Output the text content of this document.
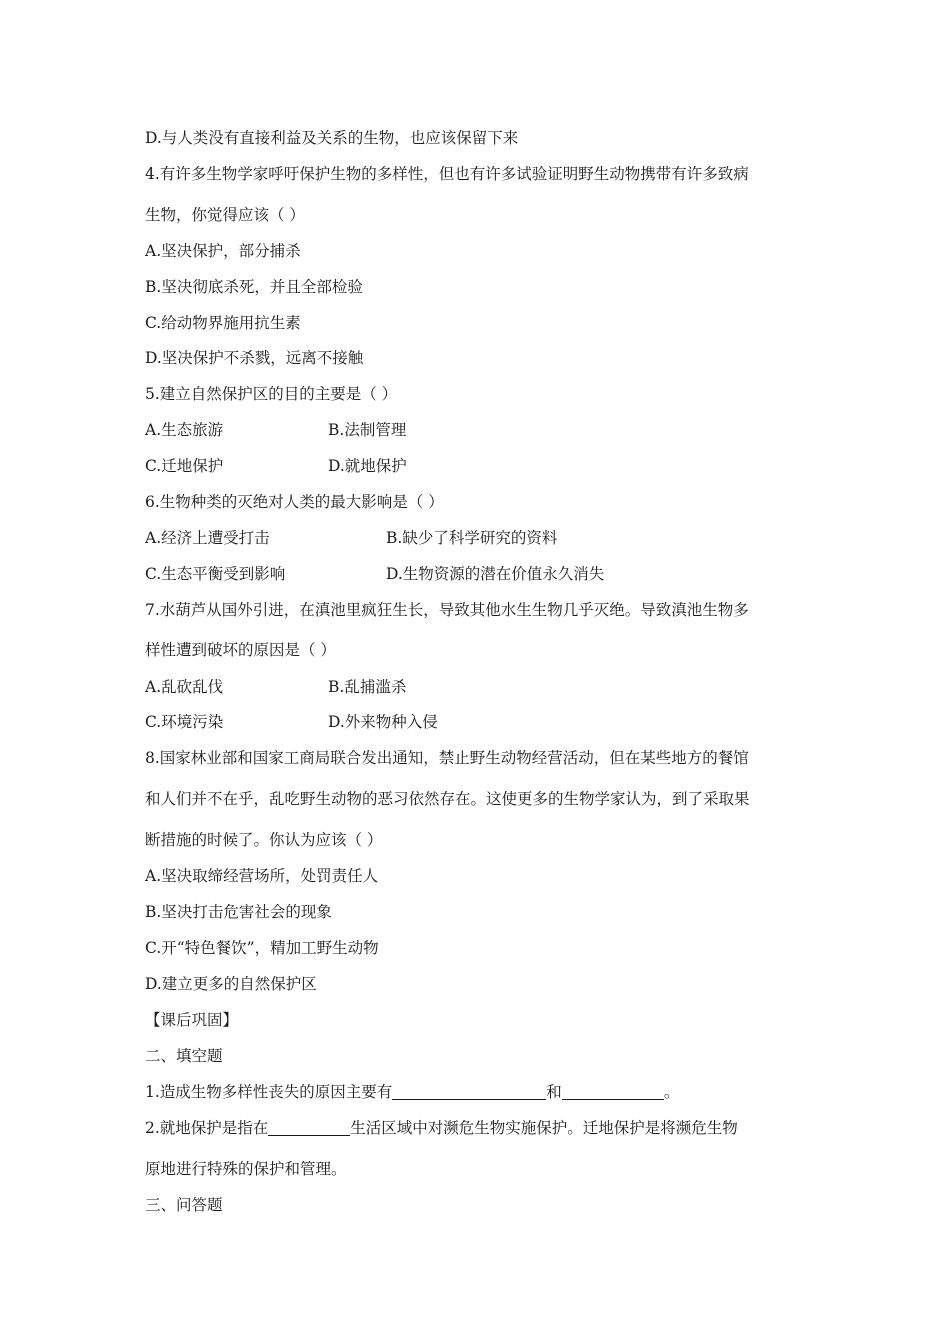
D.与人类没有直接利益及关系的生物，也应该保留下来
4.有许多生物学家呼吁保护生物的多样性，但也有许多试验证明野生动物携带有许多致病
生物，你觉得应该（ ）
A.坚决保护，部分捕杀
B.坚决彻底杀死，并且全部检验
C.给动物界施用抗生素
D.坚决保护不杀戮，远离不接触
5.建立自然保护区的目的主要是（ ）
A.生态旅游	B.法制管理
C.迁地保护	D.就地保护
6.生物种类的灭绝对人类的最大影响是（ ）
A.经济上遭受打击	B.缺少了科学研究的资料
C.生态平衡受到影响	D.生物资源的潜在价值永久消失
7.水葫芦从国外引进，在滇池里疯狂生长，导致其他水生生物几乎灭绝。导致滇池生物多
样性遭到破坏的原因是（ ）
A.乱砍乱伐	B.乱捕滥杀
C.环境污染	D.外来物种入侵
8.国家林业部和国家工商局联合发出通知，禁止野生动物经营活动，但在某些地方的餐馆
和人们并不在乎，乱吃野生动物的恶习依然存在。这使更多的生物学家认为，到了采取果
断措施的时候了。你认为应该（ ）
A.坚决取缔经营场所，处罚责任人
B.坚决打击危害社会的现象
C.开“特色餐饮”，精加工野生动物
D.建立更多的自然保护区
【课后巩固】
二、填空题
1.造成生物多样性丧失的原因主要有	和	。
2.就地保护是指在	生活区域中对濒危生物实施保护。迁地保护是将濒危生物
原地进行特殊的保护和管理。
三、问答题
